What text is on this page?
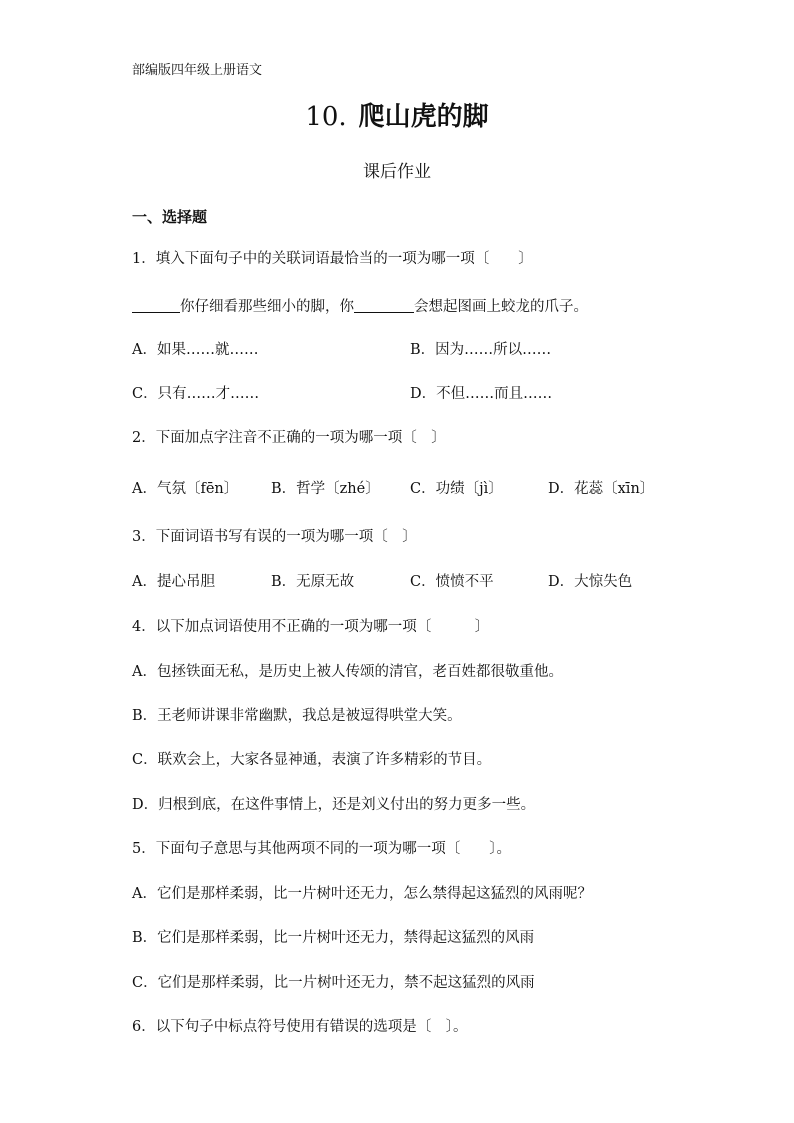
部编版四年级上册语文
10. 爬山虎的脚
课后作业
一、选择题
1．填入下面句子中的关联词语最恰当的一项为哪一项〔　　〕
你仔细看那些细小的脚，你	会想起图画上蛟龙的爪子。
A．如果……就……	B．因为……所以……
C．只有……才……	D．不但……而且……
2．下面加点字注音不正确的一项为哪一项〔　〕
A．气氛〔fēn〕 B．哲学〔zhé〕 C．功绩〔jì〕	D．花蕊〔xīn〕
3．下面词语书写有误的一项为哪一项〔　〕
A．提心吊胆	B．无原无故	C．愤愤不平	D．大惊失色
4．以下加点词语使用不正确的一项为哪一项〔　　　〕
A．包拯铁面无私，是历史上被人传颂的清官，老百姓都很敬重他。
B．王老师讲课非常幽默，我总是被逗得哄堂大笑。
C．联欢会上，大家各显神通，表演了许多精彩的节目。
D．归根到底，在这件事情上，还是刘义付出的努力更多一些。
5．下面句子意思与其他两项不同的一项为哪一项〔　　〕。
A．它们是那样柔弱，比一片树叶还无力，怎么禁得起这猛烈的风雨呢？
B．它们是那样柔弱，比一片树叶还无力，禁得起这猛烈的风雨
C．它们是那样柔弱，比一片树叶还无力，禁不起这猛烈的风雨
6．以下句子中标点符号使用有错误的选项是〔　〕。
